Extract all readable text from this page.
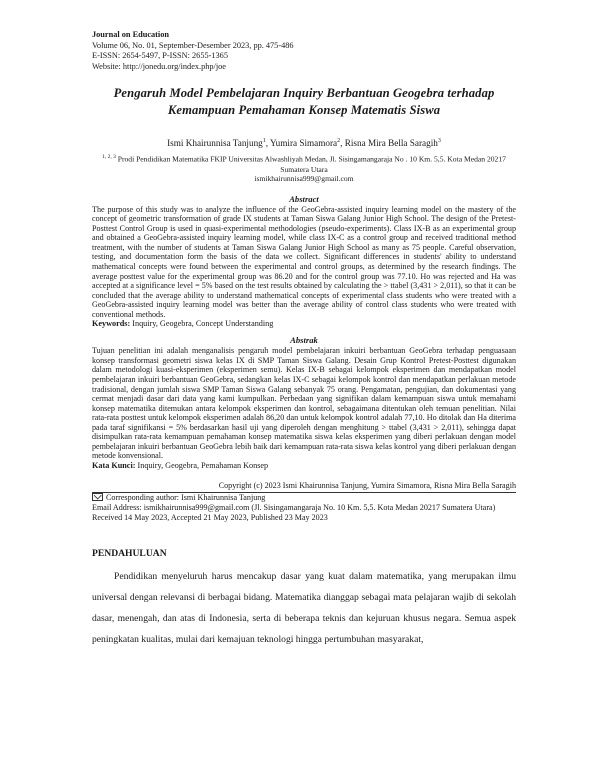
Journal on Education
Volume 06, No. 01, September-Desember 2023, pp. 475-486
E-ISSN: 2654-5497, P-ISSN: 2655-1365
Website: http://jonedu.org/index.php/joe
Pengaruh Model Pembelajaran Inquiry Berbantuan Geogebra terhadap Kemampuan Pemahaman Konsep Matematis Siswa
Ismi Khairunnisa Tanjung$^1$, Yumira Simamora$^2$, Risna Mira Bella Saragih$^3$
$^{1, 2, 3}$ Prodi Pendidikan Matematika FKIP Universitas Alwashliyah Medan, Jl. Sisingamangaraja No . 10 Km. 5,5. Kota Medan 20217 Sumatera Utara
ismikhairunnisa999@gmail.com
Abstract
The purpose of this study was to analyze the influence of the GeoGebra-assisted inquiry learning model on the mastery of the concept of geometric transformation of grade IX students at Taman Siswa Galang Junior High School. The design of the Pretest-Posttest Control Group is used in quasi-experimental methodologies (pseudo-experiments). Class IX-B as an experimental group and obtained a GeoGebra-assisted inquiry learning model, while class IX-C as a control group and received traditional method treatment, with the number of students at Taman Siswa Galang Junior High School as many as 75 people. Careful observation, testing, and documentation form the basis of the data we collect. Significant differences in students' ability to understand mathematical concepts were found between the experimental and control groups, as determined by the research findings. The average posttest value for the experimental group was 86.20 and for the control group was 77.10. Ho was rejected and Ha was accepted at a significance level = 5% based on the test results obtained by calculating the > ttabel (3,431 > 2,011), so that it can be concluded that the average ability to understand mathematical concepts of experimental class students who were treated with a GeoGebra-assisted inquiry learning model was better than the average ability of control class students who were treated with conventional methods.
Keywords: Inquiry, Geogebra, Concept Understanding
Abstrak
Tujuan penelitian ini adalah menganalisis pengaruh model pembelajaran inkuiri berbantuan GeoGebra terhadap penguasaan konsep transformasi geometri siswa kelas IX di SMP Taman Siswa Galang. Desain Grup Kontrol Pretest-Posttest digunakan dalam metodologi kuasi-eksperimen (eksperimen semu). Kelas IX-B sebagai kelompok eksperimen dan mendapatkan model pembelajaran inkuiri berbantuan GeoGebra, sedangkan kelas IX-C sebagai kelompok kontrol dan mendapatkan perlakuan metode tradisional, dengan jumlah siswa SMP Taman Siswa Galang sebanyak 75 orang. Pengamatan, pengujian, dan dokumentasi yang cermat menjadi dasar dari data yang kami kumpulkan. Perbedaan yang signifikan dalam kemampuan siswa untuk memahami konsep matematika ditemukan antara kelompok eksperimen dan kontrol, sebagaimana ditentukan oleh temuan penelitian. Nilai rata-rata posttest untuk kelompok eksperimen adalah 86,20 dan untuk kelompok kontrol adalah 77,10. Ho ditolak dan Ha diterima pada taraf signifikansi = 5% berdasarkan hasil uji yang diperoleh dengan menghitung > ttabel (3,431 > 2,011), sehingga dapat disimpulkan rata-rata kemampuan pemahaman konsep matematika siswa kelas eksperimen yang diberi perlakuan dengan model pembelajaran inkuiri berbantuan GeoGebra lebih baik dari kemampuan rata-rata siswa kelas kontrol yang diberi perlakuan dengan metode konvensional.
Kata Kunci: Inquiry, Geogebra, Pemahaman Konsep
Copyright (c) 2023 Ismi Khairunnisa Tanjung, Yumira Simamora, Risna Mira Bella Saragih
Corresponding author: Ismi Khairunnisa Tanjung
Email Address: ismikhairunnisa999@gmail.com (Jl. Sisingamangaraja No. 10 Km. 5,5. Kota Medan 20217 Sumatera Utara)
Received 14 May 2023, Accepted 21 May 2023, Published 23 May 2023
PENDAHULUAN
Pendidikan menyeluruh harus mencakup dasar yang kuat dalam matematika, yang merupakan ilmu universal dengan relevansi di berbagai bidang. Matematika dianggap sebagai mata pelajaran wajib di sekolah dasar, menengah, dan atas di Indonesia, serta di beberapa teknis dan kejuruan khusus negara. Semua aspek peningkatan kualitas, mulai dari kemajuan teknologi hingga pertumbuhan masyarakat,
